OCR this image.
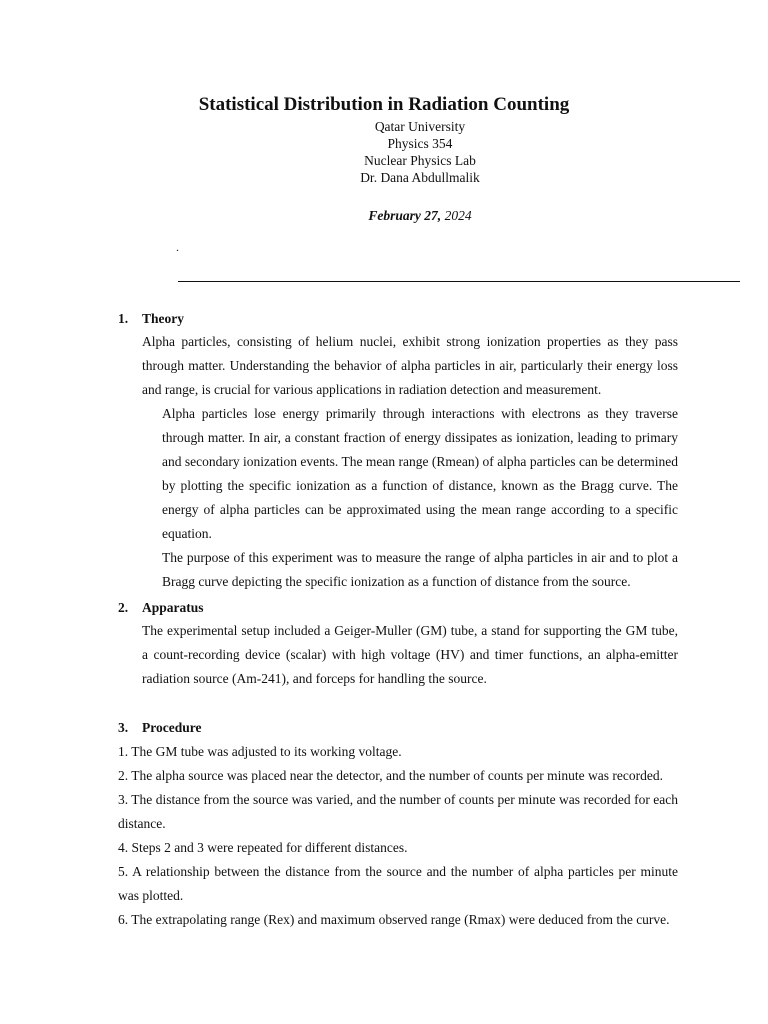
Statistical Distribution in Radiation Counting
Qatar University
Physics 354
Nuclear Physics Lab
Dr. Dana Abdullmalik
February 27, 2024
.
1. Theory

Alpha particles, consisting of helium nuclei, exhibit strong ionization properties as they pass through matter. Understanding the behavior of alpha particles in air, particularly their energy loss and range, is crucial for various applications in radiation detection and measurement.

Alpha particles lose energy primarily through interactions with electrons as they traverse through matter. In air, a constant fraction of energy dissipates as ionization, leading to primary and secondary ionization events. The mean range (Rmean) of alpha particles can be determined by plotting the specific ionization as a function of distance, known as the Bragg curve. The energy of alpha particles can be approximated using the mean range according to a specific equation.

The purpose of this experiment was to measure the range of alpha particles in air and to plot a Bragg curve depicting the specific ionization as a function of distance from the source.

2. Apparatus

The experimental setup included a Geiger-Muller (GM) tube, a stand for supporting the GM tube, a count-recording device (scalar) with high voltage (HV) and timer functions, an alpha-emitter radiation source (Am-241), and forceps for handling the source.

3. Procedure

1. The GM tube was adjusted to its working voltage.

2. The alpha source was placed near the detector, and the number of counts per minute was recorded.

3. The distance from the source was varied, and the number of counts per minute was recorded for each distance.

4. Steps 2 and 3 were repeated for different distances.

5. A relationship between the distance from the source and the number of alpha particles per minute was plotted.

6. The extrapolating range (Rex) and maximum observed range (Rmax) were deduced from the curve.
